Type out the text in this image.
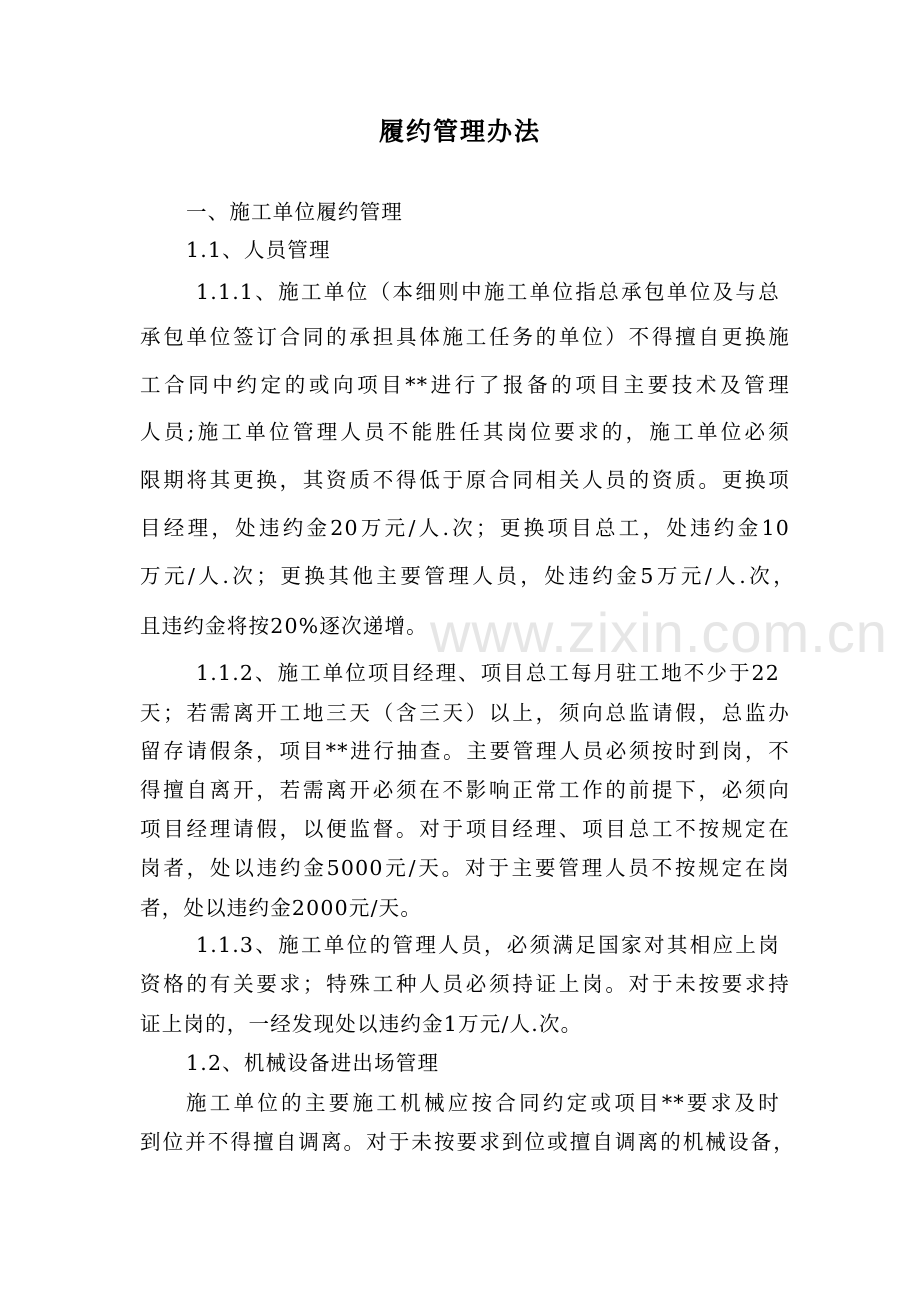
www.zixin.com.cn
履约管理办法
一、施工单位履约管理
1.1、人员管理
1.1.1、施工单位（本细则中施工单位指总承包单位及与总
承包单位签订合同的承担具体施工任务的单位）不得擅自更换施
工合同中约定的或向项目**进行了报备的项目主要技术及管理
人员;施工单位管理人员不能胜任其岗位要求的，施工单位必须
限期将其更换，其资质不得低于原合同相关人员的资质。更换项
目经理，处违约金20万元/人.次；更换项目总工，处违约金10
万元/人.次；更换其他主要管理人员，处违约金5万元/人.次，
且违约金将按20%逐次递增。
1.1.2、施工单位项目经理、项目总工每月驻工地不少于22
天；若需离开工地三天（含三天）以上，须向总监请假，总监办
留存请假条，项目**进行抽查。主要管理人员必须按时到岗，不
得擅自离开，若需离开必须在不影响正常工作的前提下，必须向
项目经理请假，以便监督。对于项目经理、项目总工不按规定在
岗者，处以违约金5000元/天。对于主要管理人员不按规定在岗
者，处以违约金2000元/天。
1.1.3、施工单位的管理人员，必须满足国家对其相应上岗
资格的有关要求；特殊工种人员必须持证上岗。对于未按要求持
证上岗的，一经发现处以违约金1万元/人.次。
1.2、机械设备进出场管理
施工单位的主要施工机械应按合同约定或项目**要求及时
到位并不得擅自调离。对于未按要求到位或擅自调离的机械设备，
